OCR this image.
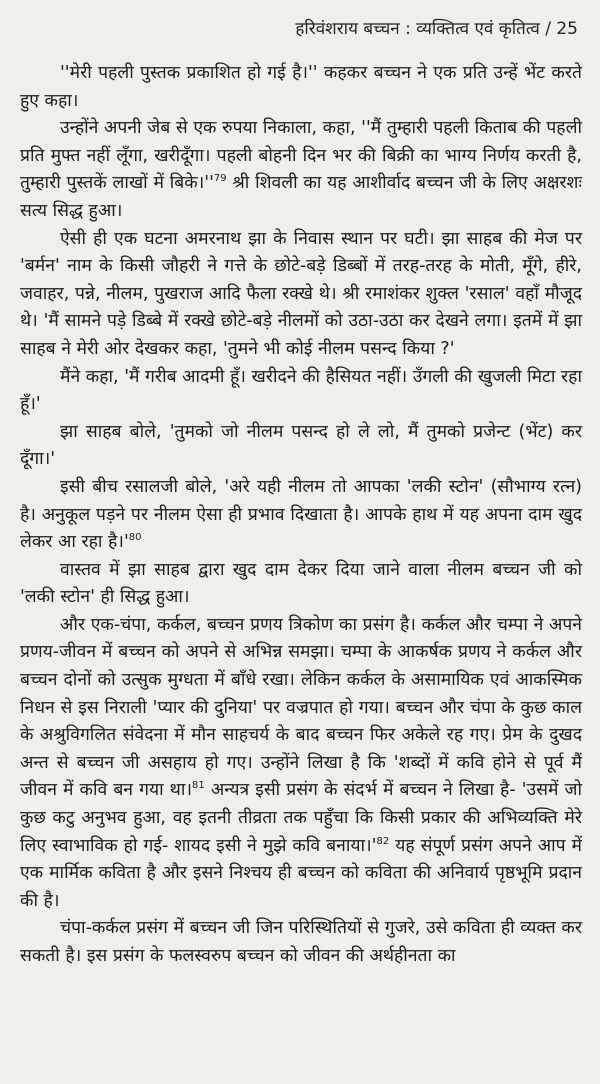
हरिवंशराय बच्चन : व्यक्तित्व एवं कृतित्व / 25

''मेरी पहली पुस्तक प्रकाशित हो गई है।'' कहकर बच्चन ने एक प्रति उन्हें भेंट करते हुए कहा।

उन्होंने अपनी जेब से एक रुपया निकाला, कहा, ''मैं तुम्हारी पहली किताब की पहली प्रति मुफ्त नहीं लूँगा, खरीदूँगा। पहली बोहनी दिन भर की बिक्री का भाग्य निर्णय करती है, तुम्हारी पुस्तकें लाखों में $बिके।''^{79}$ श्री शिवली का यह आशीर्वाद बच्चन जी के लिए अक्षरशः सत्य सिद्ध हुआ।

ऐसी ही एक घटना अमरनाथ झा के निवास स्थान पर घटी। झा साहब की मेज पर 'बर्मन' नाम के किसी जौहरी ने गत्ते के छोटे-बड़े डिब्बों में तरह-तरह के मोती, मूँगे, हीरे, जवाहर, पन्ने, नीलम, पुखराज आदि फैला रक्खे थे। श्री रमाशंकर शुक्ल 'रसाल' वहाँ मौजूद थे। 'मैं सामने पड़े डिब्बे में रक्खे छोटे-बड़े नीलमों को उठा-उठा कर देखने लगा। इतमें में झा साहब ने मेरी ओर देखकर कहा, 'तुमने भी कोई नीलम पसन्द किया ?'

मैंने कहा, 'मैं गरीब आदमी हूँ। खरीदने की हैसियत नहीं। उँगली की खुजली मिटा रहा हूँ।'

झा साहब बोले, 'तुमको जो नीलम पसन्द हो ले लो, मैं तुमको प्रजेन्ट (भेंट) कर दूँगा।'

इसी बीच रसालजी बोले, 'अरे यही नीलम तो आपका 'लकी स्टोन' (सौभाग्य रत्न) है। अनुकूल पड़ने पर नीलम ऐसा ही प्रभाव दिखाता है। आपके हाथ में यह अपना दाम खुद लेकर आ रहा $है।'^{80}$

वास्तव में झा साहब द्वारा खुद दाम देकर दिया जाने वाला नीलम बच्चन जी को 'लकी स्टोन' ही सिद्ध हुआ।

और एक-चंपा, कर्कल, बच्चन प्रणय त्रिकोण का प्रसंग है। कर्कल और चम्पा ने अपने प्रणय-जीवन में बच्चन को अपने से अभिन्न समझा। चम्पा के आकर्षक प्रणय ने कर्कल और बच्चन दोनों को उत्सुक मुग्धता में बाँधे रखा। लेकिन कर्कल के असामायिक एवं आकस्मिक निधन से इस निराली 'प्यार की दुनिया' पर वज्रपात हो गया। बच्चन और चंपा के कुछ काल के अश्रुविगलित संवेदना में मौन साहचर्य के बाद बच्चन फिर अकेले रह गए। प्रेम के दुखद अन्त से बच्चन जी असहाय हो गए। उन्होंने लिखा है कि 'शब्दों में कवि होने से पूर्व मैं जीवन में कवि बन गया था।$^{81}$ अन्यत्र इसी प्रसंग के संदर्भ में बच्चन ने लिखा है- 'उसमें जो कुछ कटु अनुभव हुआ, वह इतनी तीव्रता तक पहुँचा कि किसी प्रकार की अभिव्यक्ति मेरे लिए स्वाभाविक हो गई- शायद इसी ने मुझे कवि $बनाया।'^{82}$ यह संपूर्ण प्रसंग अपने आप में एक मार्मिक कविता है और इसने निश्चय ही बच्चन को कविता की अनिवार्य पृष्ठभूमि प्रदान की है।

चंपा-कर्कल प्रसंग में बच्चन जी जिन परिस्थितियों से गुजरे, उसे कविता ही व्यक्त कर सकती है। इस प्रसंग के फलस्वरुप बच्चन को जीवन की अर्थहीनता का
